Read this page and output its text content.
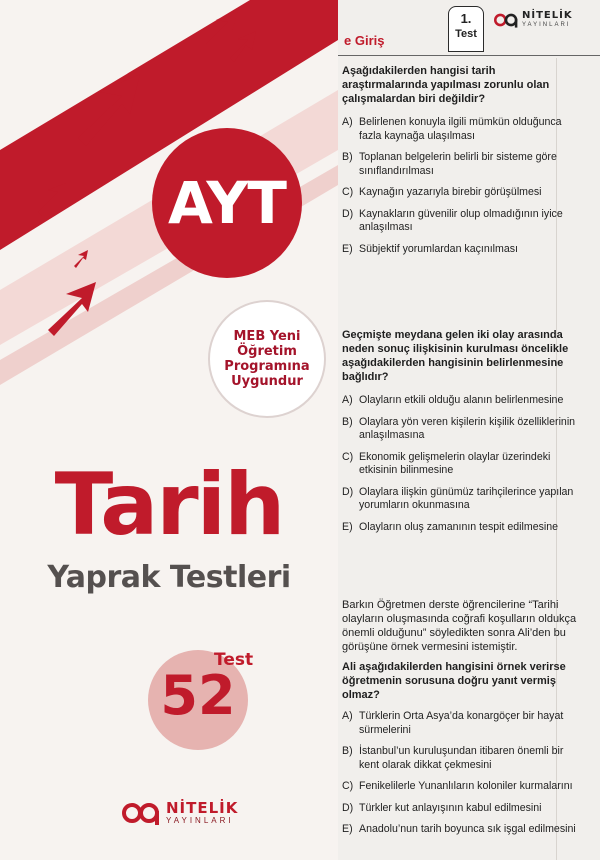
AYT
MEB Yeni
Öğretim
Programına
Uygundur
Tarih
Yaprak Testleri
52
Test
NİTELİK
YAYINLARI
e Giriş
1.
Test
NİTELİK
YAYINLARI
Aşağıdakilerden hangisi tarih araştırmalarında yapılması zorunlu olan çalışmalardan biri değildir?
A) Belirlenen konuyla ilgili mümkün olduğunca fazla kaynağa ulaşılması
B) Toplanan belgelerin belirli bir sisteme göre sınıflandırılması
C) Kaynağın yazarıyla birebir görüşülmesi
D) Kaynakların güvenilir olup olmadığının iyice anlaşılması
E) Sübjektif yorumlardan kaçınılması
Geçmişte meydana gelen iki olay arasında neden sonuç ilişkisinin kurulması öncelikle aşağıdakilerden hangisinin belirlenmesine bağlıdır?
A) Olayların etkili olduğu alanın belirlenmesine
B) Olaylara yön veren kişilerin kişilik özelliklerinin anlaşılmasına
C) Ekonomik gelişmelerin olaylar üzerindeki etkisinin bilinmesine
D) Olaylara ilişkin günümüz tarihçilerince yapılan yorumların okunmasına
E) Olayların oluş zamanının tespit edilmesine
Barkın Öğretmen derste öğrencilerine “Tarihi olayların oluşmasında coğrafi koşulların oldukça önemli olduğunu” söyledikten sonra Ali’den bu görüşüne örnek vermesini istemiştir.
Ali aşağıdakilerden hangisini örnek verirse öğretmenin sorusuna doğru yanıt vermiş olmaz?
A) Türklerin Orta Asya’da konargöçer bir hayat sürmelerini
B) İstanbul’un kuruluşundan itibaren önemli bir kent olarak dikkat çekmesini
C) Fenikelilerle Yunanlıların koloniler kurmalarını
D) Türkler kut anlayışının kabul edilmesini
E) Anadolu’nun tarih boyunca sık işgal edilmesini
